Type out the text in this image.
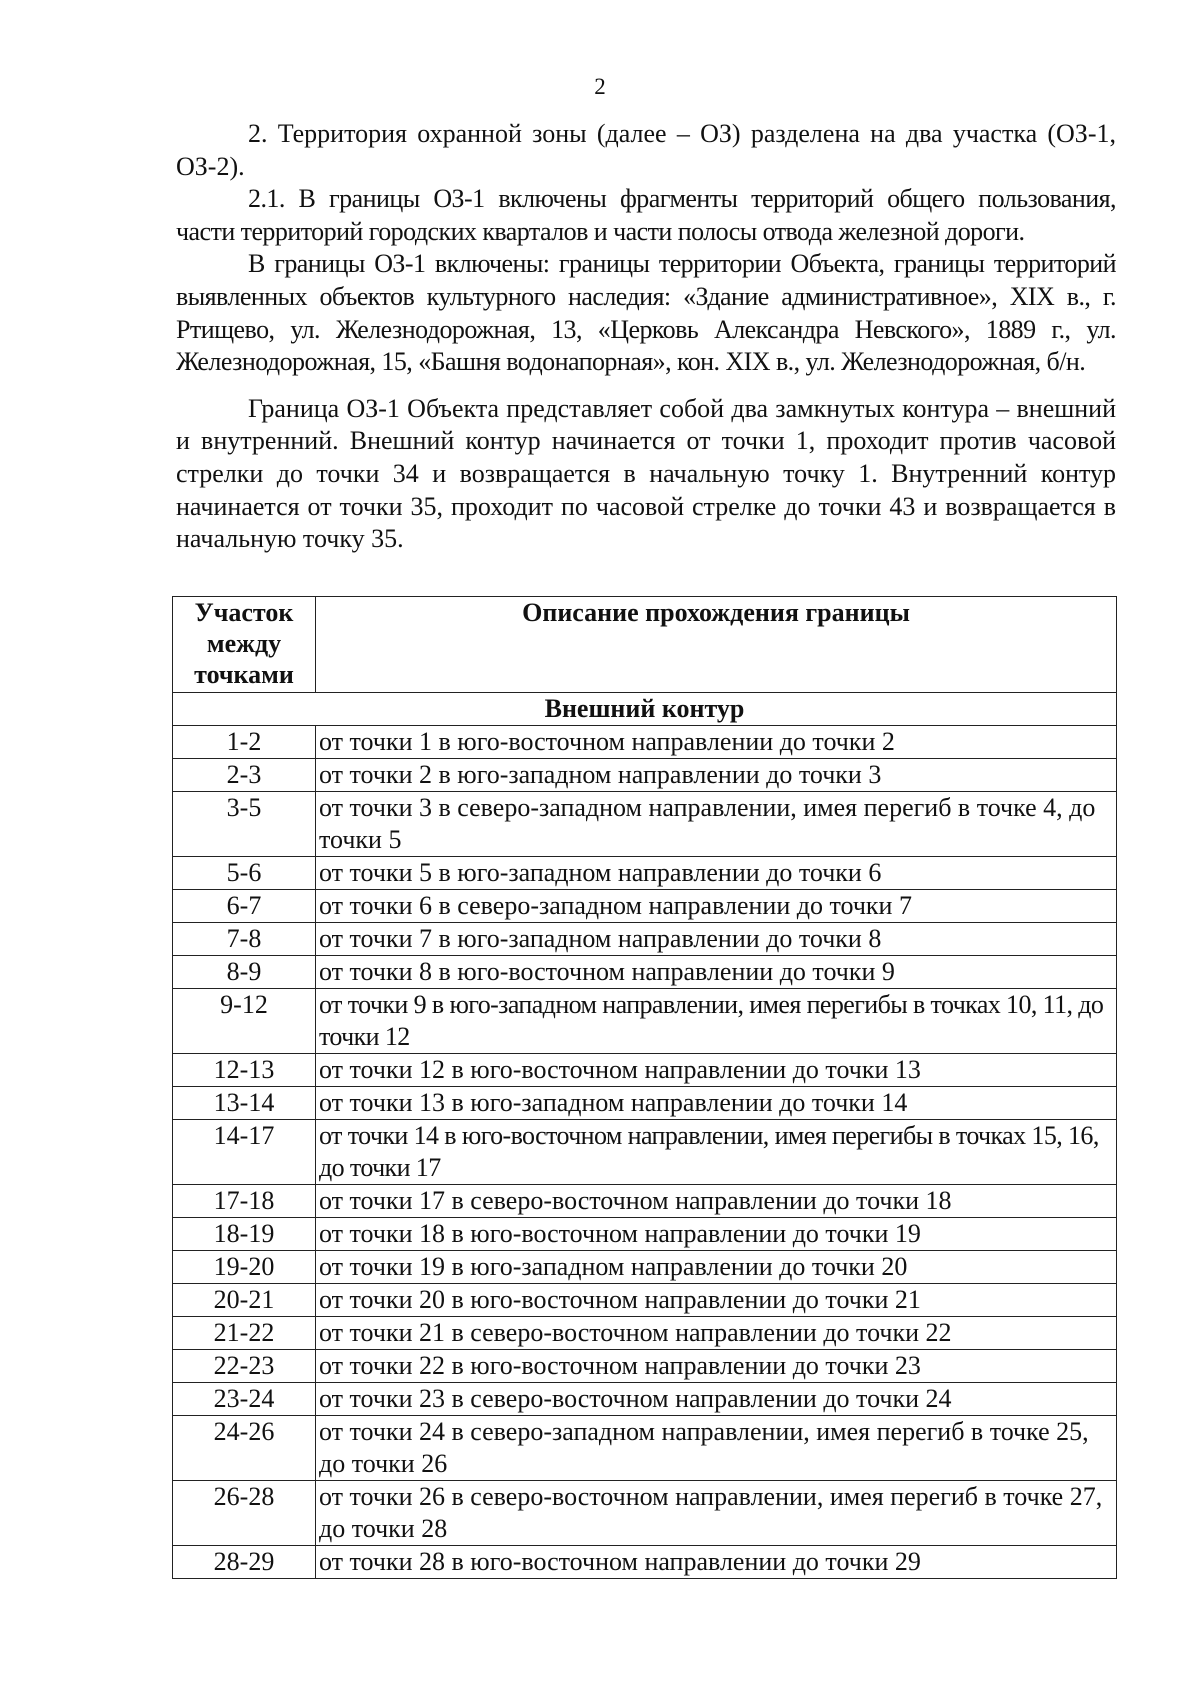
2

2. Территория охранной зоны (далее – ОЗ) разделена на два участка (ОЗ-1, ОЗ-2).

2.1. В границы ОЗ-1 включены фрагменты территорий общего пользования, части территорий городских кварталов и части полосы отвода железной дороги.

В границы ОЗ-1 включены: границы территории Объекта, границы территорий выявленных объектов культурного наследия: «Здание административное», XIX в., г. Ртищево, ул. Железнодорожная, 13, «Церковь Александра Невского», 1889 г., ул. Железнодорожная, 15, «Башня водонапорная», кон. XIX в., ул. Железнодорожная, б/н.

Граница ОЗ-1 Объекта представляет собой два замкнутых контура – внешний и внутренний. Внешний контур начинается от точки 1, проходит против часовой стрелки до точки 34 и возвращается в начальную точку 1. Внутренний контур начинается от точки 35, проходит по часовой стрелке до точки 43 и возвращается в начальную точку 35.

Участок между точками	Описание прохождения границы
Внешний контур	
1-2	от точки 1 в юго-восточном направлении до точки 2
2-3	от точки 2 в юго-западном направлении до точки 3
3-5	от точки 3 в северо-западном направлении, имея перегиб в точке 4, до точки 5
5-6	от точки 5 в юго-западном направлении до точки 6
6-7	от точки 6 в северо-западном направлении до точки 7
7-8	от точки 7 в юго-западном направлении до точки 8
8-9	от точки 8 в юго-восточном направлении до точки 9
9-12	от точки 9 в юго-западном направлении, имея перегибы в точках 10, 11, до точки 12
12-13	от точки 12 в юго-восточном направлении до точки 13
13-14	от точки 13 в юго-западном направлении до точки 14
14-17	от точки 14 в юго-восточном направлении, имея перегибы в точках 15, 16, до точки 17
17-18	от точки 17 в северо-восточном направлении до точки 18
18-19	от точки 18 в юго-восточном направлении до точки 19
19-20	от точки 19 в юго-западном направлении до точки 20
20-21	от точки 20 в юго-восточном направлении до точки 21
21-22	от точки 21 в северо-восточном направлении до точки 22
22-23	от точки 22 в юго-восточном направлении до точки 23
23-24	от точки 23 в северо-восточном направлении до точки 24
24-26	от точки 24 в северо-западном направлении, имея перегиб в точке 25, до точки 26
26-28	от точки 26 в северо-восточном направлении, имея перегиб в точке 27, до точки 28
28-29	от точки 28 в юго-восточном направлении до точки 29
